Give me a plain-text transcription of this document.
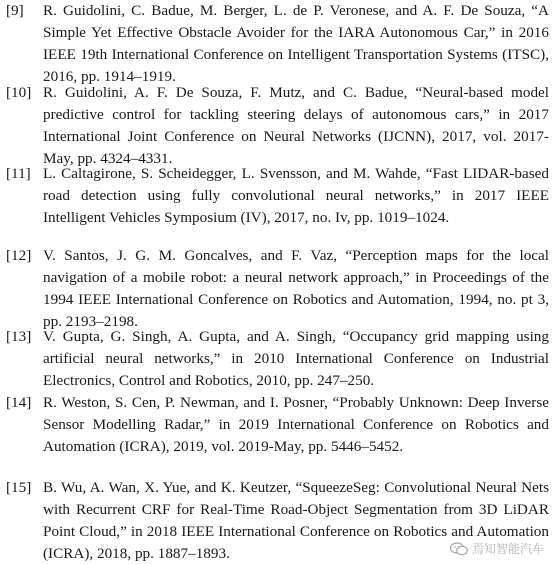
[9] R. Guidolini, C. Badue, M. Berger, L. de P. Veronese, and A. F. De Souza, “A Simple Yet Effective Obstacle Avoider for the IARA Autonomous Car,” in 2016 IEEE 19th International Conference on Intelligent Transportation Systems (ITSC), 2016, pp. 1914–1919.
[10] R. Guidolini, A. F. De Souza, F. Mutz, and C. Badue, “Neural-based model predictive control for tackling steering delays of autonomous cars,” in 2017 International Joint Conference on Neural Networks (IJCNN), 2017, vol. 2017-May, pp. 4324–4331.
[11] L. Caltagirone, S. Scheidegger, L. Svensson, and M. Wahde, “Fast LIDAR-based road detection using fully convolutional neural networks,” in 2017 IEEE Intelligent Vehicles Symposium (IV), 2017, no. Iv, pp. 1019–1024.
[12] V. Santos, J. G. M. Goncalves, and F. Vaz, “Perception maps for the local navigation of a mobile robot: a neural network approach,” in Proceedings of the 1994 IEEE International Conference on Robotics and Automation, 1994, no. pt 3, pp. 2193–2198.
[13] V. Gupta, G. Singh, A. Gupta, and A. Singh, “Occupancy grid mapping using artificial neural networks,” in 2010 International Conference on Industrial Electronics, Control and Robotics, 2010, pp. 247–250.
[14] R. Weston, S. Cen, P. Newman, and I. Posner, “Probably Unknown: Deep Inverse Sensor Modelling Radar,” in 2019 International Conference on Robotics and Automation (ICRA), 2019, vol. 2019-May, pp. 5446–5452.
[15] B. Wu, A. Wan, X. Yue, and K. Keutzer, “SqueezeSeg: Convolutional Neural Nets with Recurrent CRF for Real-Time Road-Object Segmentation from 3D LiDAR Point Cloud,” in 2018 IEEE International Conference on Robotics and Automation (ICRA), 2018, pp. 1887–1893.	焉知智能汽车
